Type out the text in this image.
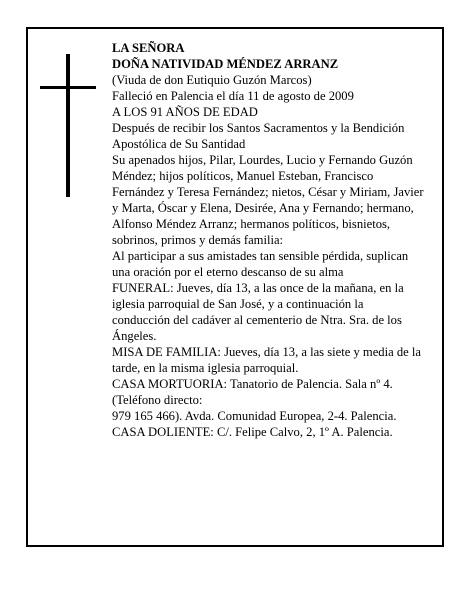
LA SEÑORA

DOÑA NATIVIDAD MÉNDEZ ARRANZ

(Viuda de don Eutiquio Guzón Marcos)

Falleció en Palencia el día 11 de agosto de 2009

A LOS 91 AÑOS DE EDAD

Después de recibir los Santos Sacramentos y la Bendición Apostólica de Su Santidad

Su apenados hijos, Pilar, Lourdes, Lucio y Fernando Guzón Méndez; hijos políticos, Manuel Esteban, Francisco Fernández y Teresa Fernández; nietos, César y Miriam, Javier y Marta, Óscar y Elena, Desirée, Ana y Fernando; hermano, Alfonso Méndez Arranz; hermanos políticos, bisnietos, sobrinos, primos y demás familia:

Al participar a sus amistades tan sensible pérdida, suplican una oración por el eterno descanso de su alma

FUNERAL: Jueves, día 13, a las once de la mañana, en la iglesia parroquial de San José, y a continuación la conducción del cadáver al cementerio de Ntra. Sra. de los Ángeles.

MISA DE FAMILIA: Jueves, día 13, a las siete y media de la tarde, en la misma iglesia parroquial.

CASA MORTUORIA: Tanatorio de Palencia. Sala nº 4. (Teléfono directo:

979 165 466). Avda. Comunidad Europea, 2-4. Palencia.

CASA DOLIENTE: C/. Felipe Calvo, 2, 1º A. Palencia.
